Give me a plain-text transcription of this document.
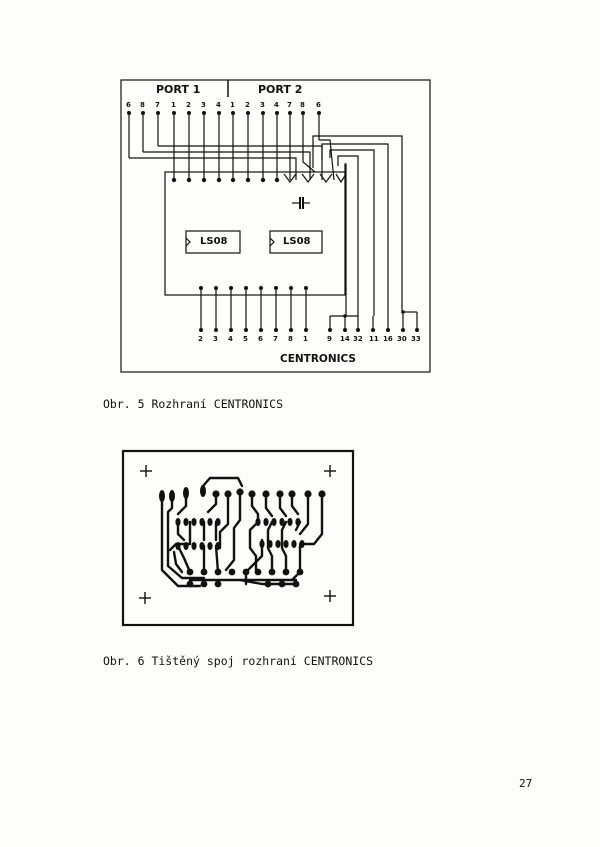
PORT 1	PORT 2
6 8 7 1 2 3 4 1 2 3 4 7 8 6
LS08	LS08
2 3 4 5 6 7 8 1	9 14 32 11 16 30 33
CENTRONICS
Obr. 5 Rozhraní CENTRONICS
Obr. 6 Tištěný spoj rozhraní CENTRONICS
27
